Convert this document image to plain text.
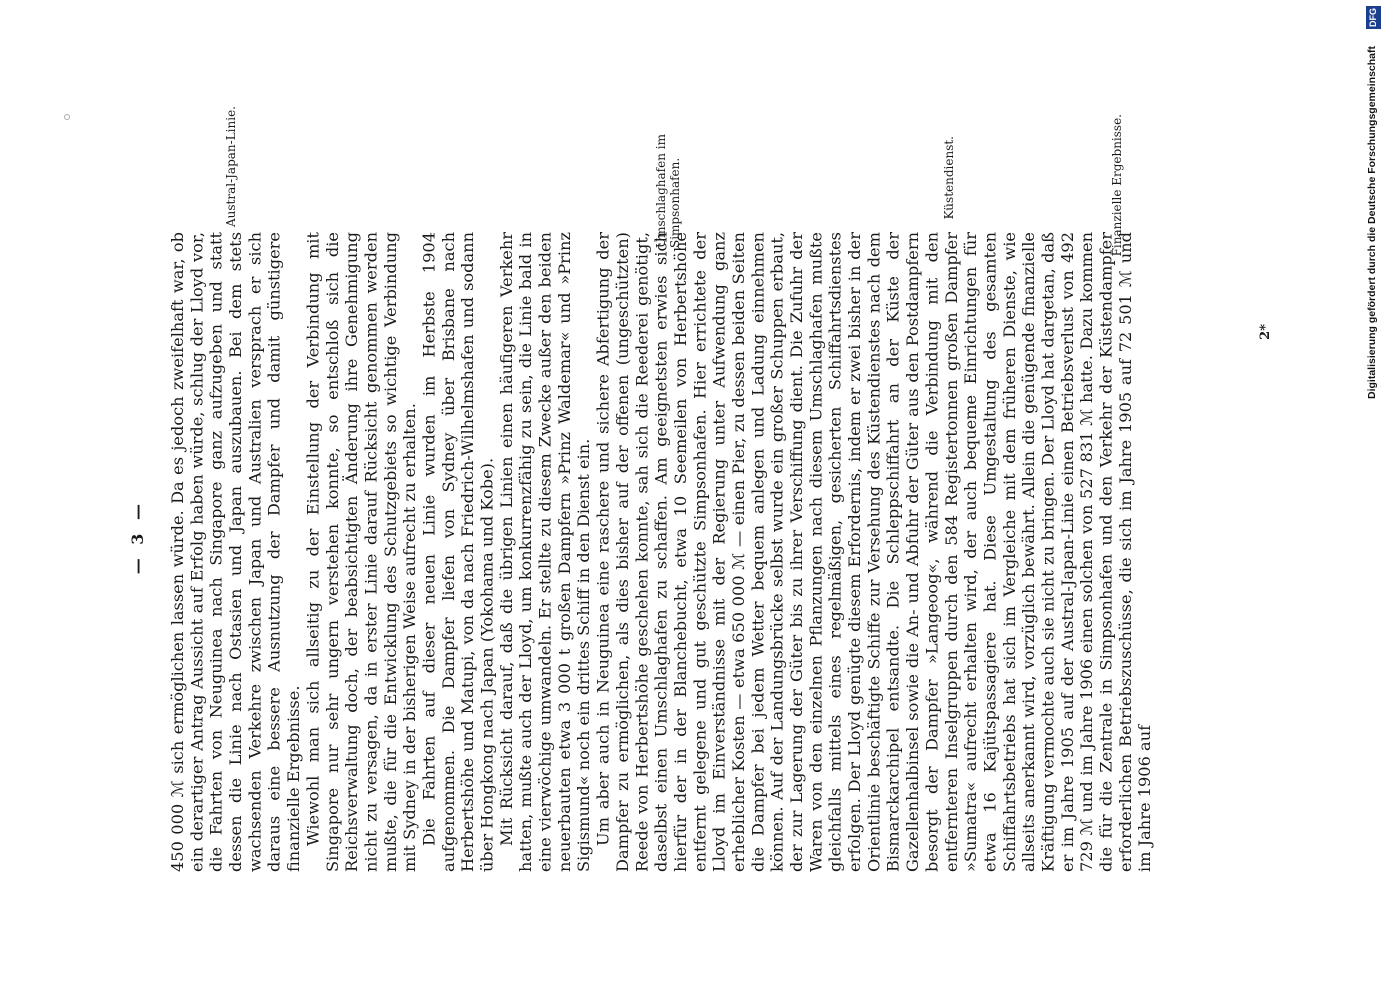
— 3 — 450 000 ℳ sich ermöglichen lassen würde. Da es jedoch zweifelhaft war, ob ein derartiger Antrag Aussicht auf Erfolg haben würde, schlug der Lloyd vor, die Fahrten von Neuguinea nach Singapore ganz aufzugeben und statt dessen die Linie nach Ostasien und Japan auszubauen. Bei dem stets wachsenden Verkehre zwischen Japan und Australien versprach er sich daraus eine bessere Ausnutzung der Dampfer und damit günstigere finanzielle Ergebnisse. Wiewohl man sich allseitig zu der Einstellung der Verbindung mit Singapore nur sehr ungern verstehen konnte, so entschloß sich die Reichsverwaltung doch, der beabsichtigten Änderung ihre Genehmigung nicht zu versagen, da in erster Linie darauf Rücksicht genommen werden mußte, die für die Entwicklung des Schutzgebiets so wichtige Verbindung mit Sydney in der bisherigen Weise aufrecht zu erhalten. Die Fahrten auf dieser neuen Linie wurden im Herbste 1904 aufgenommen. Die Dampfer liefen von Sydney über Brisbane nach Herbertshöhe und Matupi, von da nach Friedrich-Wilhelmshafen und sodann über Hongkong nach Japan (Yokohama und Kobe). Mit Rücksicht darauf, daß die übrigen Linien einen häufigeren Verkehr hatten, mußte auch der Lloyd, um konkurrenzfähig zu sein, die Linie bald in eine vierwöchige umwandeln. Er stellte zu diesem Zwecke außer den beiden neuerbauten etwa 3 000 t großen Dampfern »Prinz Waldemar« und »Prinz Sigismund« noch ein drittes Schiff in den Dienst ein. Um aber auch in Neuguinea eine raschere und sichere Abfertigung der Dampfer zu ermöglichen, als dies bisher auf der offenen (ungeschützten) Reede von Herbertshöhe geschehen konnte, sah sich die Reederei genötigt, daselbst einen Umschlaghafen zu schaffen. Am geeignetsten erwies sich hierfür der in der Blanchebucht, etwa 10 Seemeilen von Herbertshöhe entfernt gelegene und gut geschützte Simpsonhafen. Hier errichtete der Lloyd im Einverständnisse mit der Regierung unter Aufwendung ganz erheblicher Kosten — etwa 650 000 ℳ — einen Pier, zu dessen beiden Seiten die Dampfer bei jedem Wetter bequem anlegen und Ladung einnehmen können. Auf der Landungsbrücke selbst wurde ein großer Schuppen erbaut, der zur Lagerung der Güter bis zu ihrer Verschiffung dient. Die Zufuhr der Waren von den einzelnen Pflanzungen nach diesem Umschlaghafen mußte gleichfalls mittels eines regelmäßigen, gesicherten Schiffahrtsdienstes erfolgen. Der Lloyd genügte diesem Erfordernis, indem er zwei bisher in der Orientlinie beschäftigte Schiffe zur Versehung des Küstendienstes nach dem Bismarckarchipel entsandte. Die Schleppschiffahrt an der Küste der Gazellenhalbinsel sowie die An- und Abfuhr der Güter aus den Postdampfern besorgt der Dampfer »Langeoog«, während die Verbindung mit den entfernteren Inselgruppen durch den 584 Registertonnen großen Dampfer »Sumatra« aufrecht erhalten wird, der auch bequeme Einrichtungen für etwa 16 Kajütspassagiere hat. Diese Umgestaltung des gesamten Schiffahrtsbetriebs hat sich im Vergleiche mit dem früheren Dienste, wie allseits anerkannt wird, vorzüglich bewährt. Allein die genügende finanzielle Kräftigung vermochte auch sie nicht zu bringen. Der Lloyd hat dargetan, daß er im Jahre 1905 auf der Austral-Japan-Linie einen Betriebsverlust von 492 729 ℳ und im Jahre 1906 einen solchen von 527 831 ℳ hatte. Dazu kommen die für die Zentrale in Simpsonhafen und den Verkehr der Küstendampfer erforderlichen Betriebszuschüsse, die sich im Jahre 1905 auf 72 501 ℳ und im Jahre 1906 auf

Austral-Japan-Linie.	Umschlaghafen im Simpsonhafen.	Küstendienst.	Finanzielle Ergebnisse.
2*
DFG
Digitalisierung gefördert durch die Deutsche Forschungsgemeinschaft
